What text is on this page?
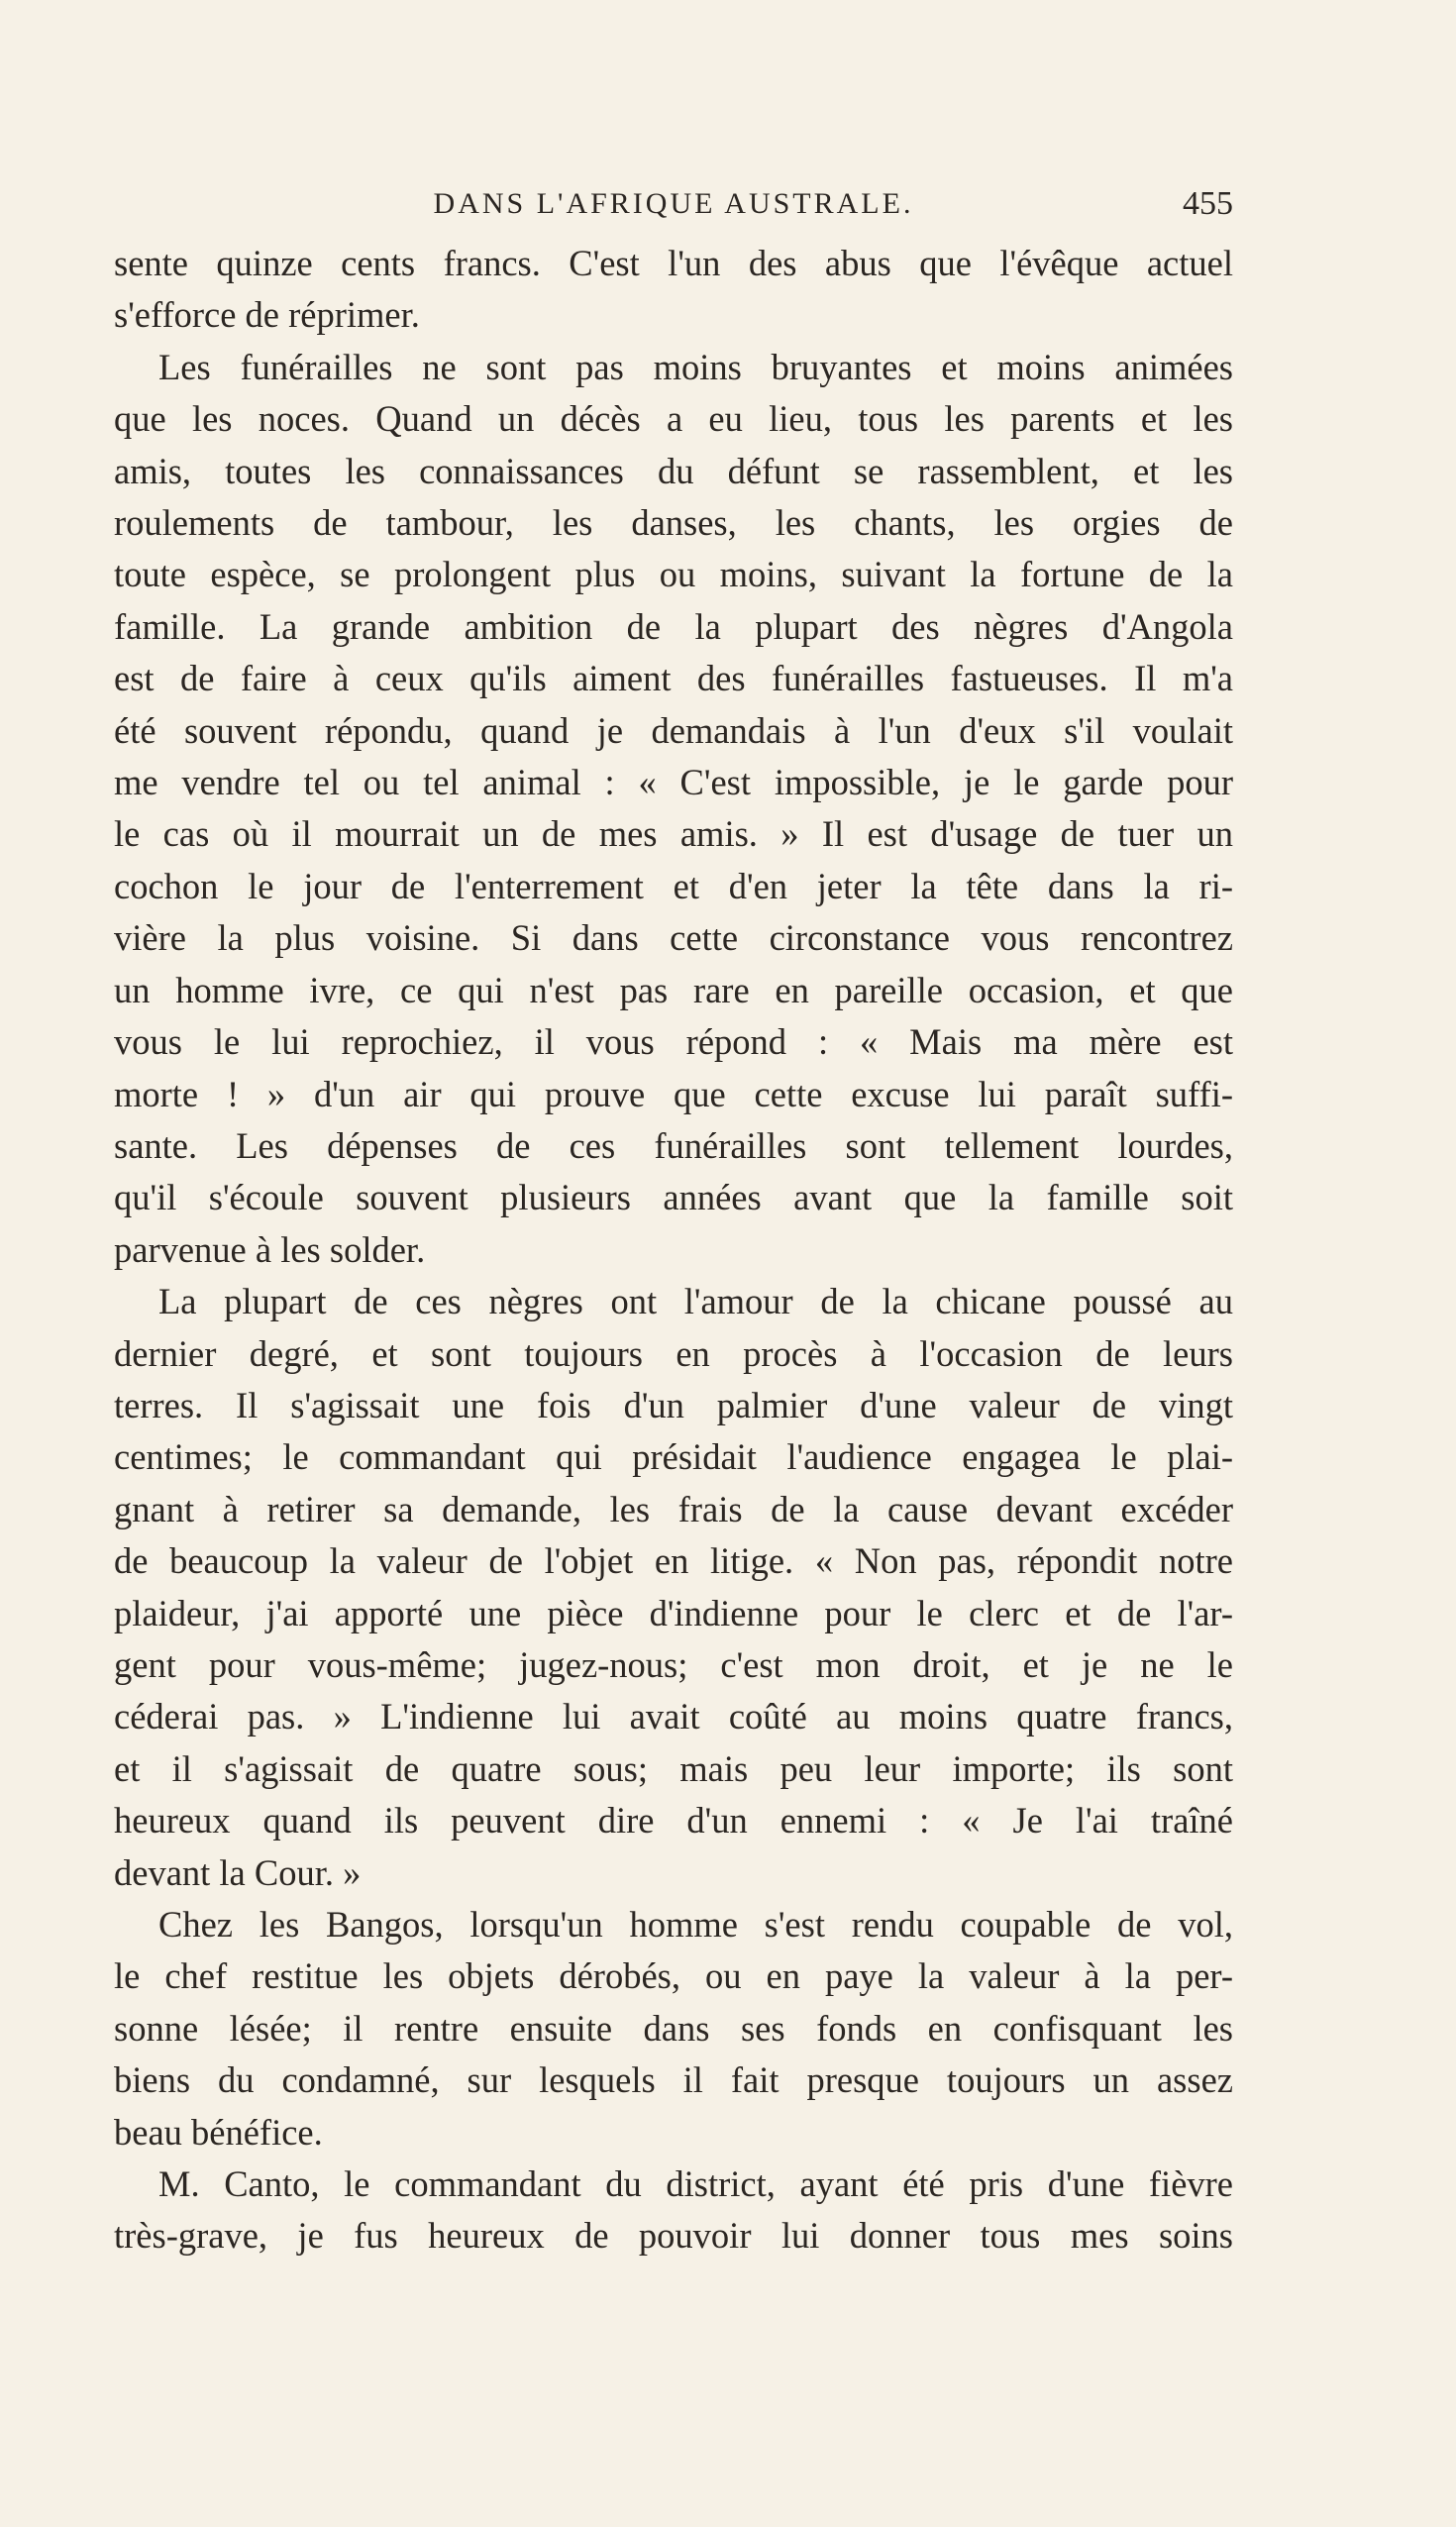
DANS L'AFRIQUE AUSTRALE.	455

sente quinze cents francs. C'est l'un des abus que l'évêque actuel
s'efforce de réprimer.

Les funérailles ne sont pas moins bruyantes et moins animées
que les noces. Quand un décès a eu lieu, tous les parents et les
amis, toutes les connaissances du défunt se rassemblent, et les
roulements de tambour, les danses, les chants, les orgies de
toute espèce, se prolongent plus ou moins, suivant la fortune de la
famille. La grande ambition de la plupart des nègres d'Angola
est de faire à ceux qu'ils aiment des funérailles fastueuses. Il m'a
été souvent répondu, quand je demandais à l'un d'eux s'il voulait
me vendre tel ou tel animal : « C'est impossible, je le garde pour
le cas où il mourrait un de mes amis. » Il est d'usage de tuer un
cochon le jour de l'enterrement et d'en jeter la tête dans la ri-
vière la plus voisine. Si dans cette circonstance vous rencontrez
un homme ivre, ce qui n'est pas rare en pareille occasion, et que
vous le lui reprochiez, il vous répond : « Mais ma mère est
morte ! » d'un air qui prouve que cette excuse lui paraît suffi-
sante. Les dépenses de ces funérailles sont tellement lourdes,
qu'il s'écoule souvent plusieurs années avant que la famille soit
parvenue à les solder.

La plupart de ces nègres ont l'amour de la chicane poussé au
dernier degré, et sont toujours en procès à l'occasion de leurs
terres. Il s'agissait une fois d'un palmier d'une valeur de vingt
centimes; le commandant qui présidait l'audience engagea le plai-
gnant à retirer sa demande, les frais de la cause devant excéder
de beaucoup la valeur de l'objet en litige. « Non pas, répondit notre
plaideur, j'ai apporté une pièce d'indienne pour le clerc et de l'ar-
gent pour vous-même; jugez-nous; c'est mon droit, et je ne le
céderai pas. » L'indienne lui avait coûté au moins quatre francs,
et il s'agissait de quatre sous; mais peu leur importe; ils sont
heureux quand ils peuvent dire d'un ennemi : « Je l'ai traîné
devant la Cour. »

Chez les Bangos, lorsqu'un homme s'est rendu coupable de vol,
le chef restitue les objets dérobés, ou en paye la valeur à la per-
sonne lésée; il rentre ensuite dans ses fonds en confisquant les
biens du condamné, sur lesquels il fait presque toujours un assez
beau bénéfice.

M. Canto, le commandant du district, ayant été pris d'une fièvre
très-grave, je fus heureux de pouvoir lui donner tous mes soins
